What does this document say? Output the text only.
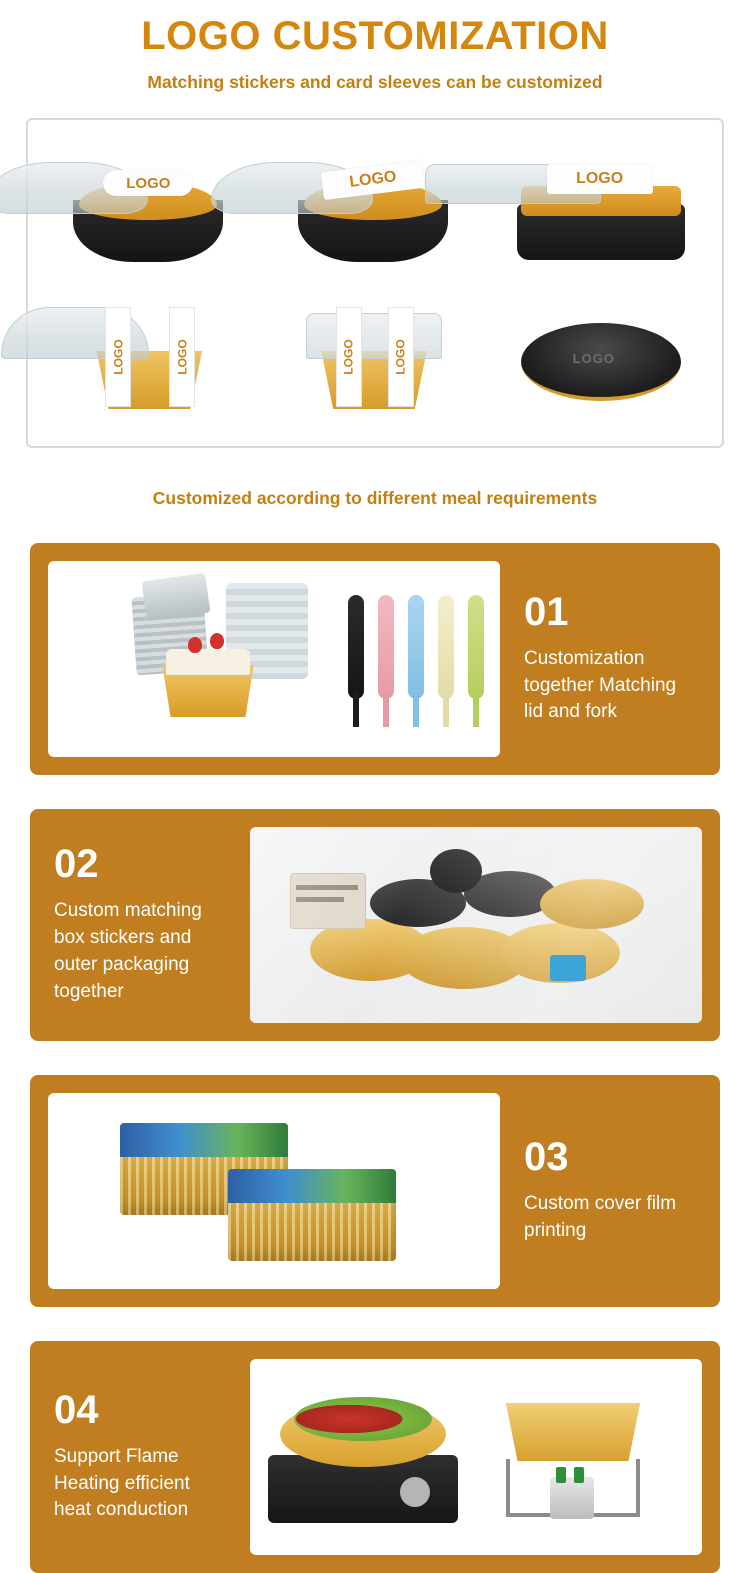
LOGO CUSTOMIZATION
Matching stickers and card sleeves can be customized
LOGO	LOGO	LOGO
LOGO	LOGO	LOGO	LOGO	LOGO
Customized according to different meal requirements
01
Customization together Matching lid and fork
02
Custom matching box stickers and outer packaging together
03
Custom cover film printing
04
Support Flame Heating efficient heat conduction
